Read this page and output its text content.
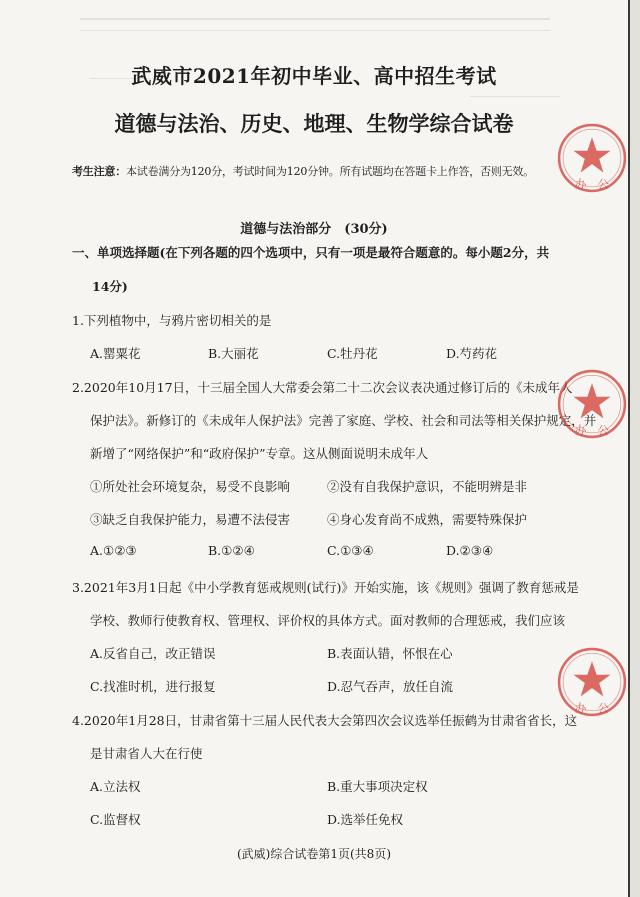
武威市2021年初中毕业、高中招生考试
道德与法治、历史、地理、生物学综合试卷
考生注意：本试卷满分为120分，考试时间为120分钟。所有试题均在答题卡上作答，否则无效。
道德与法治部分　(30分)
一、单项选择题(在下列各题的四个选项中，只有一项是最符合题意的。每小题2分，共
14分)
1.下列植物中，与鸦片密切相关的是
A.罂粟花	B.大丽花	C.牡丹花	D.芍药花
2.2020年10月17日，十三届全国人大常委会第二十二次会议表决通过修订后的《未成年人
保护法》。新修订的《未成年人保护法》完善了家庭、学校、社会和司法等相关保护规定，并
新增了“网络保护”和“政府保护”专章。这从侧面说明未成年人
①所处社会环境复杂，易受不良影响	②没有自我保护意识，不能明辨是非
③缺乏自我保护能力，易遭不法侵害	④身心发育尚不成熟，需要特殊保护
A.①②③	B.①②④	C.①③④	D.②③④
3.2021年3月1日起《中小学教育惩戒规则(试行)》开始实施，该《规则》强调了教育惩戒是
学校、教师行使教育权、管理权、评价权的具体方式。面对教师的合理惩戒，我们应该
A.反省自己，改正错误	B.表面认错，怀恨在心
C.找准时机，进行报复	D.忍气吞声，放任自流
4.2020年1月28日，甘肃省第十三届人民代表大会第四次会议选举任振鹤为甘肃省省长，这
是甘肃省人大在行使
A.立法权	B.重大事项决定权
C.监督权	D.选举任免权
(武威)综合试卷第1页(共8页)
办　公
办　公
办　公
